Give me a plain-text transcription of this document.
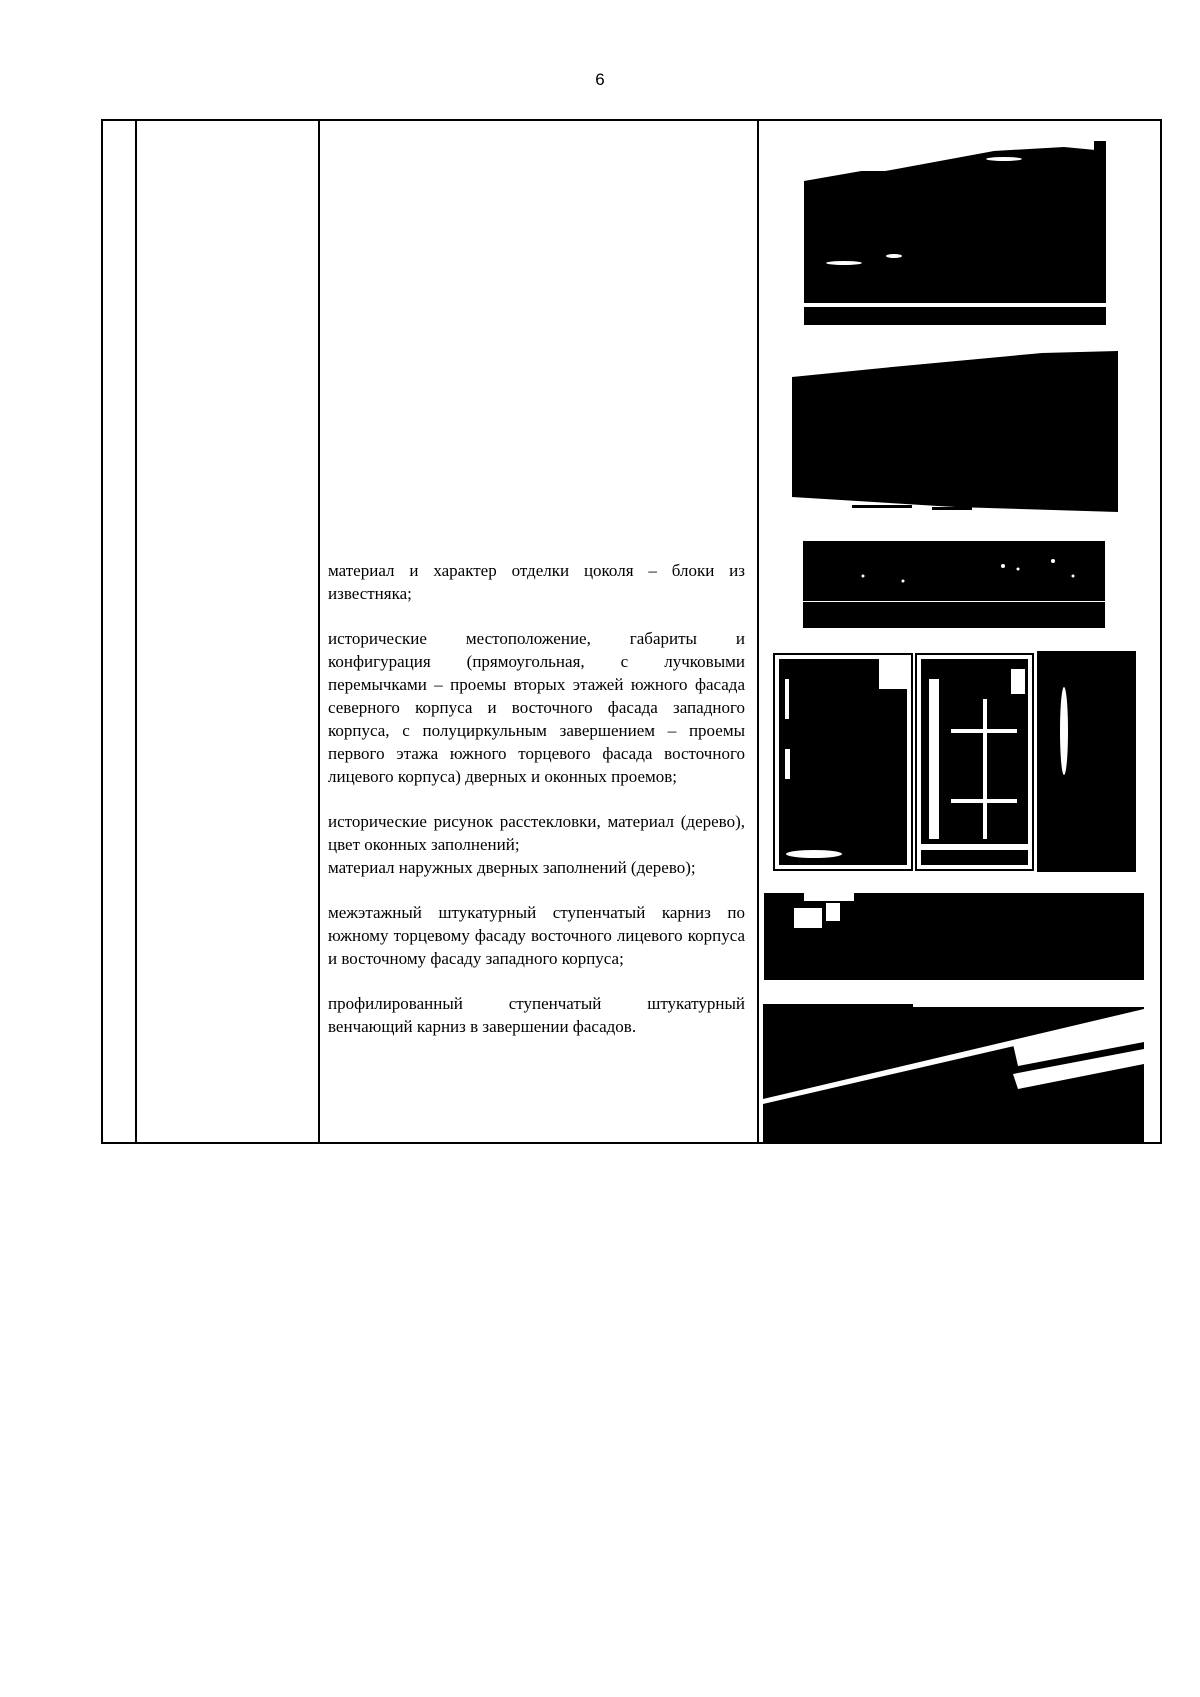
6

материал и характер отделки цоколя – блоки из известняка;

исторические местоположение, габариты и конфигурация (прямоугольная, с лучковыми перемычками – проемы вторых этажей южного фасада северного корпуса и восточного фасада западного корпуса, с полуциркульным завершением – проемы первого этажа южного торцевого фасада восточного лицевого корпуса) дверных и оконных проемов;

исторические рисунок расстекловки, материал (дерево), цвет оконных заполнений;

материал наружных дверных заполнений (дерево);

межэтажный штукатурный ступенчатый карниз по южному торцевому фасаду восточного лицевого корпуса и восточному фасаду западного корпуса;

профилированный ступенчатый штукатурный венчающий карниз в завершении фасадов.
